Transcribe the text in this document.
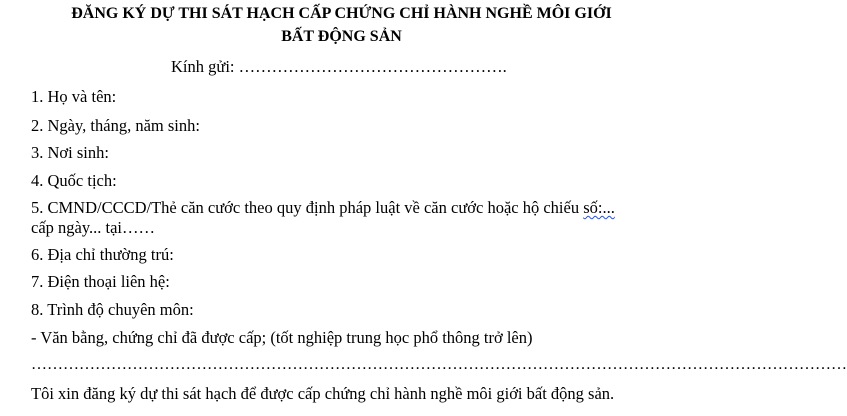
ĐĂNG KÝ DỰ THI SÁT HẠCH CẤP CHỨNG CHỈ HÀNH NGHỀ MÔI GIỚI
BẤT ĐỘNG SẢN
Kính gửi: ………………………………………….
1. Họ và tên:
2. Ngày, tháng, năm sinh:
3. Nơi sinh:
4. Quốc tịch:
5. CMND/CCCD/Thẻ căn cước theo quy định pháp luật về căn cước hoặc hộ chiếu số:...
cấp ngày... tại……
6. Địa chỉ thường trú:
7. Điện thoại liên hệ:
8. Trình độ chuyên môn:
- Văn bằng, chứng chỉ đã được cấp; (tốt nghiệp trung học phổ thông trở lên)
………………………………………………………………………………………………………………………………………
Tôi xin đăng ký dự thi sát hạch để được cấp chứng chỉ hành nghề môi giới bất động sản.
